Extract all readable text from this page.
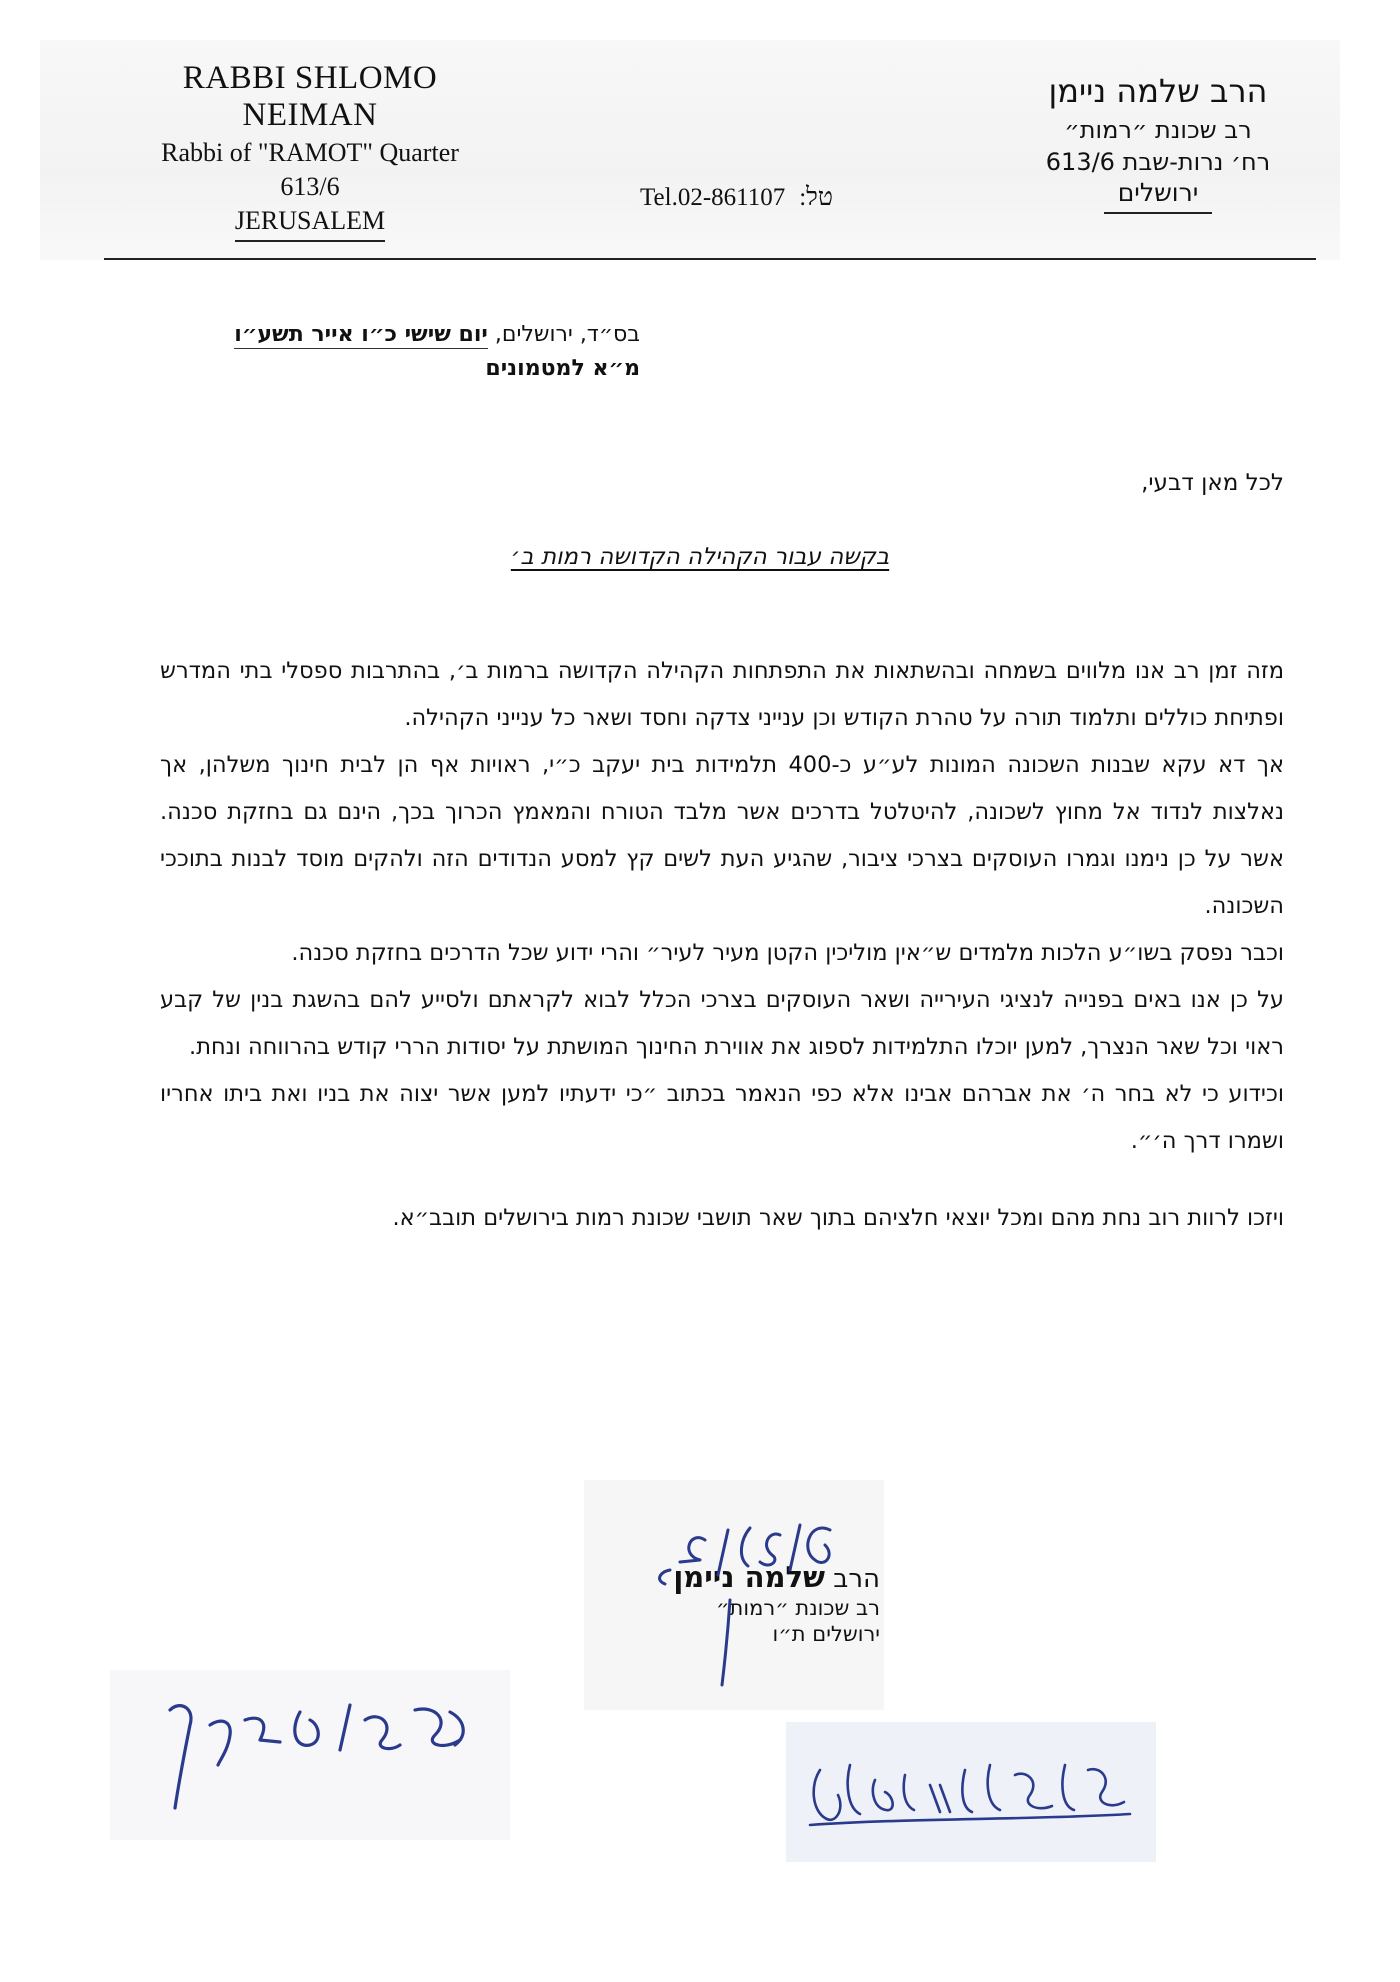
RABBI SHLOMO NEIMAN
Rabbi of "RAMOT" Quarter
613/6
JERUSALEM
Tel.02-861107 טל:
הרב שלמה ניימן
רב שכונת ״רמות״
רח׳ נרות-שבת 613/6
ירושלים
בס״ד, ירושלים, יום שישי כ״ו אייר תשע״ו
מ״א למטמונים
לכל מאן דבעי,
בקשה עבור הקהילה הקדושה רמות ב׳

מזה זמן רב אנו מלווים בשמחה ובהשתאות את התפתחות הקהילה הקדושה ברמות ב׳, בהתרבות ספסלי בתי המדרש ופתיחת כוללים ותלמוד תורה על טהרת הקודש וכן ענייני צדקה וחסד ושאר כל ענייני הקהילה.

אך דא עקא שבנות השכונה המונות לע״ע כ-400 תלמידות בית יעקב כ״י, ראויות אף הן לבית חינוך משלהן, אך נאלצות לנדוד אל מחוץ לשכונה, להיטלטל בדרכים אשר מלבד הטורח והמאמץ הכרוך בכך, הינם גם בחזקת סכנה. אשר על כן נימנו וגמרו העוסקים בצרכי ציבור, שהגיע העת לשים קץ למסע הנדודים הזה ולהקים מוסד לבנות בתוככי השכונה.

וכבר נפסק בשו״ע הלכות מלמדים ש״אין מוליכין הקטן מעיר לעיר״ והרי ידוע שכל הדרכים בחזקת סכנה.

על כן אנו באים בפנייה לנציגי העירייה ושאר העוסקים בצרכי הכלל לבוא לקראתם ולסייע להם בהשגת בנין של קבע ראוי וכל שאר הנצרך, למען יוכלו התלמידות לספוג את אווירת החינוך המושתת על יסודות הררי קודש בהרווחה ונחת.

וכידוע כי לא בחר ה׳ את אברהם אבינו אלא כפי הנאמר בכתוב ״כי ידעתיו למען אשר יצוה את בניו ואת ביתו אחריו ושמרו דרך ה׳״.

ויזכו לרוות רוב נחת מהם ומכל יוצאי חלציהם בתוך שאר תושבי שכונת רמות בירושלים תובב״א.

הרב שלמה ניימן
רב שכונת ״רמות״
ירושלים ת״ו
